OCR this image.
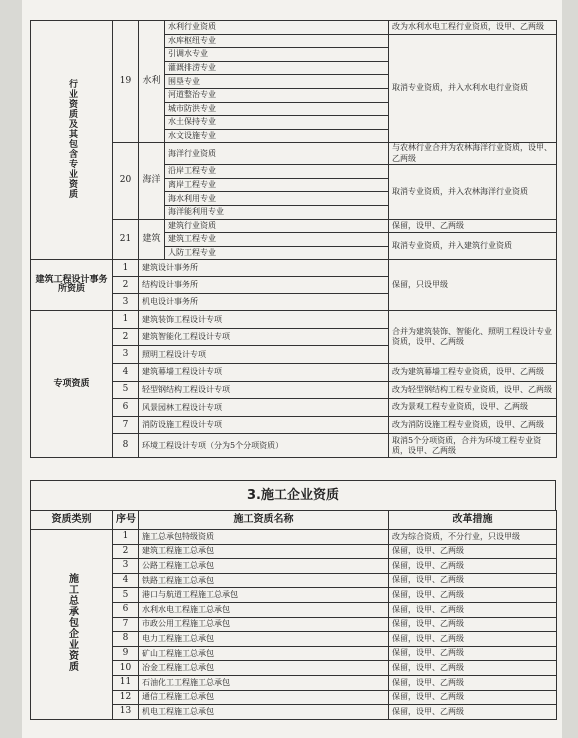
行业资质及其包含专业资质	19	水利	水利行业资质	改为水利水电工程行业资质，设甲、乙两级
			水库枢纽专业	取消专业资质，并入水利水电行业资质
			引调水专业	
			灌溉排涝专业	
			围垦专业	
			河道整治专业	
			城市防洪专业	
			水土保持专业	
			水文设施专业	
	20	海洋	海洋行业资质	与农林行业合并为农林海洋行业资质，设甲、乙两级
			沿岸工程专业	取消专业资质，并入农林海洋行业资质
			离岸工程专业	
			海水利用专业	
			海洋能利用专业	
	21	建筑	建筑行业资质	保留，设甲、乙两级
			建筑工程专业	取消专业资质，并入建筑行业资质
			人防工程专业	
建筑工程设计事务所资质	1	建筑设计事务所		保留，只设甲级
	2	结构设计事务所		
	3	机电设计事务所		
专项资质	1	建筑装饰工程设计专项		合并为建筑装饰、智能化、照明工程设计专业资质，设甲、乙两级
	2	建筑智能化工程设计专项		
	3	照明工程设计专项		
	4	建筑幕墙工程设计专项		改为建筑幕墙工程专业资质，设甲、乙两级
	5	轻型钢结构工程设计专项		改为轻型钢结构工程专业资质，设甲、乙两级
	6	风景园林工程设计专项		改为景观工程专业资质，设甲、乙两级
	7	消防设施工程设计专项		改为消防设施工程专业资质，设甲、乙两级
	8	环境工程设计专项（分为5个分项资质）		取消5个分项资质，合并为环境工程专业资质，设甲、乙两级
3.施工企业资质
资质类别	序号	施工资质名称	改革措施
施工总承包企业资质	1	施工总承包特级资质	改为综合资质，不分行业，只设甲级
	2	建筑工程施工总承包	保留，设甲、乙两级
	3	公路工程施工总承包	保留，设甲、乙两级
	4	铁路工程施工总承包	保留，设甲、乙两级
	5	港口与航道工程施工总承包	保留，设甲、乙两级
	6	水利水电工程施工总承包	保留，设甲、乙两级
	7	市政公用工程施工总承包	保留，设甲、乙两级
	8	电力工程施工总承包	保留，设甲、乙两级
	9	矿山工程施工总承包	保留，设甲、乙两级
	10	冶金工程施工总承包	保留，设甲、乙两级
	11	石油化工工程施工总承包	保留，设甲、乙两级
	12	通信工程施工总承包	保留，设甲、乙两级
	13	机电工程施工总承包	保留，设甲、乙两级
